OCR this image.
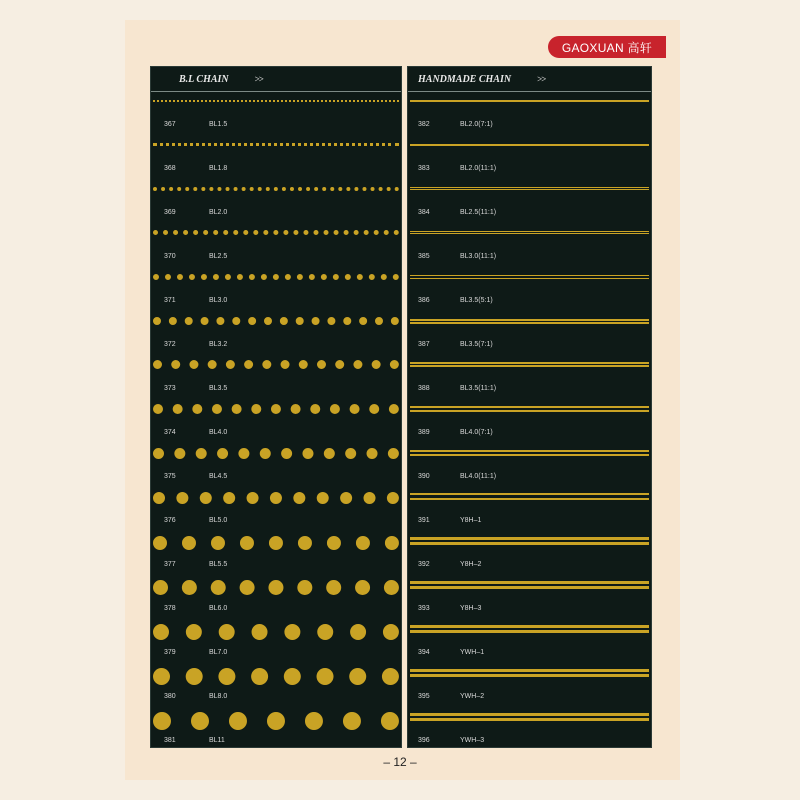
GAOXUAN 高轩
B.L CHAIN	>>
367	BL1.5
368	BL1.8
369	BL2.0
370	BL2.5
371	BL3.0
372	BL3.2
373	BL3.5
374	BL4.0
375	BL4.5
376	BL5.0
377	BL5.5
378	BL6.0
379	BL7.0
380	BL8.0
381	BL11
HANDMADE CHAIN	>>
382	BL2.0(7:1)
383	BL2.0(11:1)
384	BL2.5(11:1)
385	BL3.0(11:1)
386	BL3.5(5:1)
387	BL3.5(7:1)
388	BL3.5(11:1)
389	BL4.0(7:1)
390	BL4.0(11:1)
391	Y8H–1
392	Y8H–2
393	Y8H–3
394	YWH–1
395	YWH–2
396	YWH–3
– 12 –
